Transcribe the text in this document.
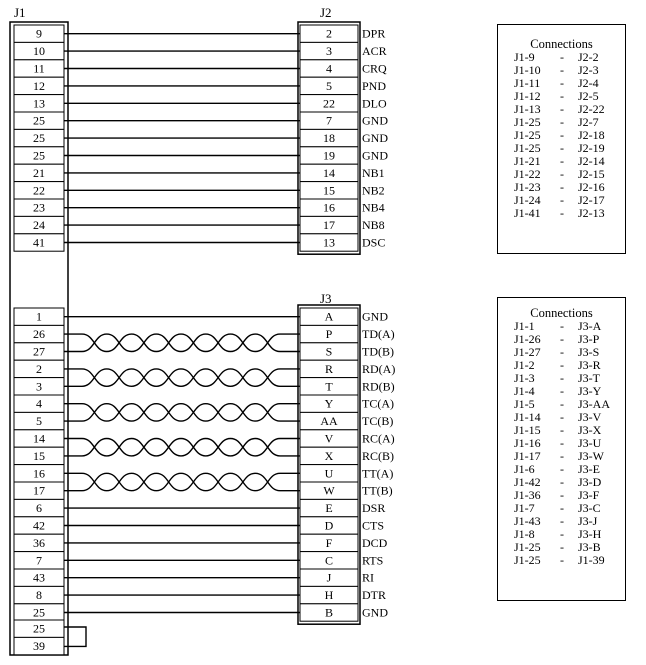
J1	J2
J3
9	2	DPR
10	3	ACR
11	4	CRQ
12	5	PND
13	22 DLO
25	7	GND
25	18 GND
25	19 GND
21	14 NB1
22	15 NB2
23	16 NB4
24	17 NB8
41	13 DSC
1	A GND
26	P TD(A)
27	S TD(B)
2	R RD(A)
3	T RD(B)
4	Y TC(A)
5	AA TC(B)
14	V RC(A)
15	X RC(B)
16	U TT(A)
17	W TT(B)
6	E DSR
42	D CTS
36	F DCD
7	C RTS
43	J	RI
8	H DTR
25	B GND
25
39
Connections
J1-9	-	J2-2
J1-10	-	J2-3
J1-11	-	J2-4
J1-12	-	J2-5
J1-13	-	J2-22
J1-25	-	J2-7
J1-25	-	J2-18
J1-25	-	J2-19
J1-21	-	J2-14
J1-22	-	J2-15
J1-23	-	J2-16
J1-24	-	J2-17
J1-41	-	J2-13
Connections
J1-1	-	J3-A
J1-26	-	J3-P
J1-27	-	J3-S
J1-2	-	J3-R
J1-3	-	J3-T
J1-4	-	J3-Y
J1-5	-	J3-AA
J1-14	-	J3-V
J1-15	-	J3-X
J1-16	-	J3-U
J1-17	-	J3-W
J1-6	-	J3-E
J1-42	-	J3-D
J1-36	-	J3-F
J1-7	-	J3-C
J1-43	-	J3-J
J1-8	-	J3-H
J1-25	-	J3-B
J1-25	-	J1-39
